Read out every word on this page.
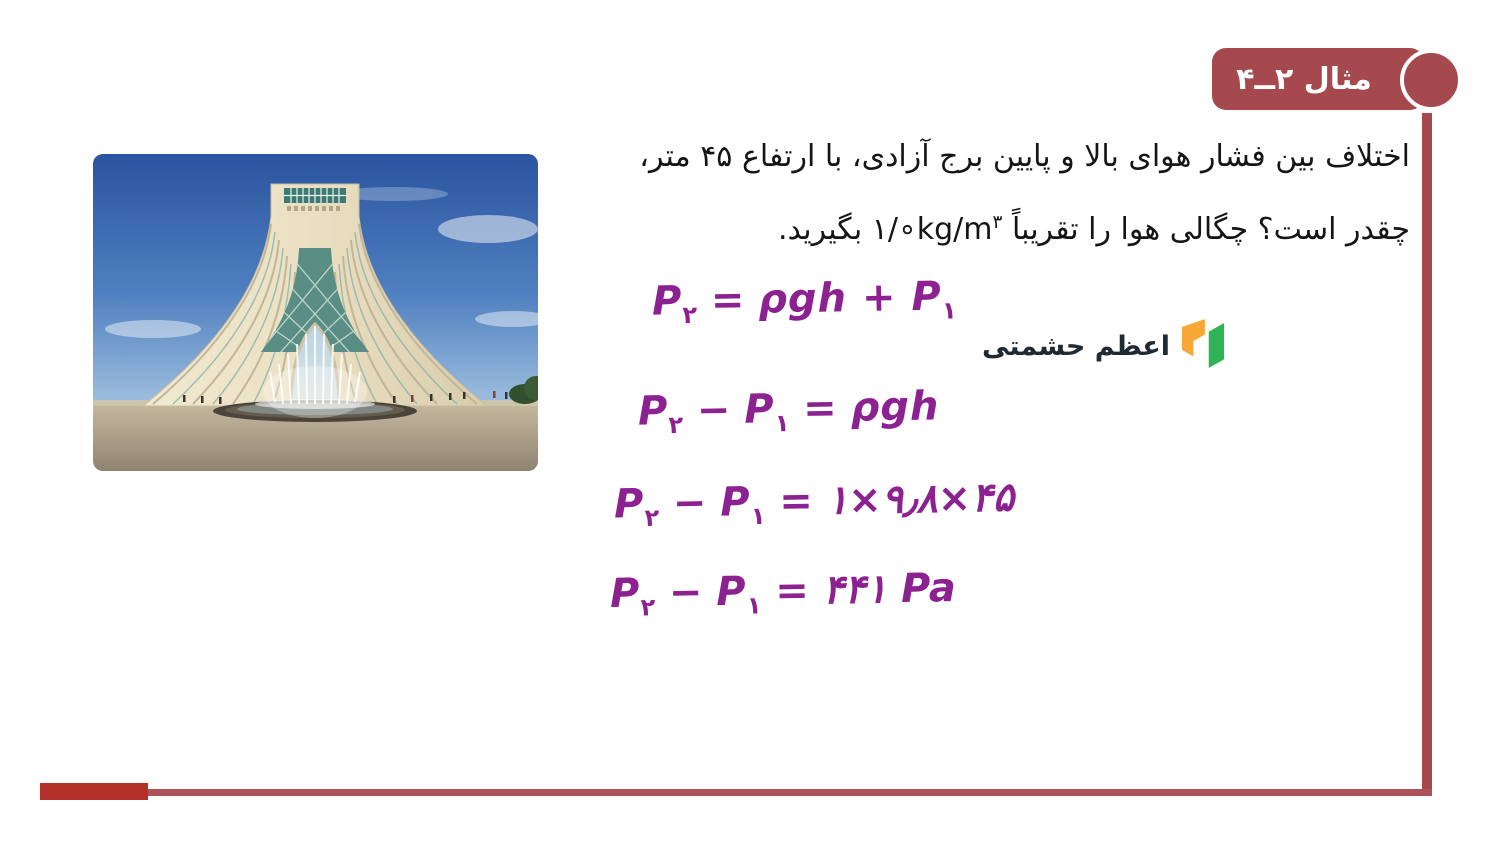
مثال ۲ــ۴
اختلاف بین فشار هوای بالا و پایین برج آزادی، با ارتفاع ۴۵ متر،
چقدر است؟ چگالی هوا را تقریباً $۱/\circ kg/m^۳$ بگیرید.
$P_۲ = \rho gh + P_۱$
$P_۲ - P_۱ = \rho gh$
$P_۲ - P_۱$ = ۱×۹٫۸×۴۵
$P_۲ - P_۱$ = ۴۴۱ Pa
اعظم حشمتی
